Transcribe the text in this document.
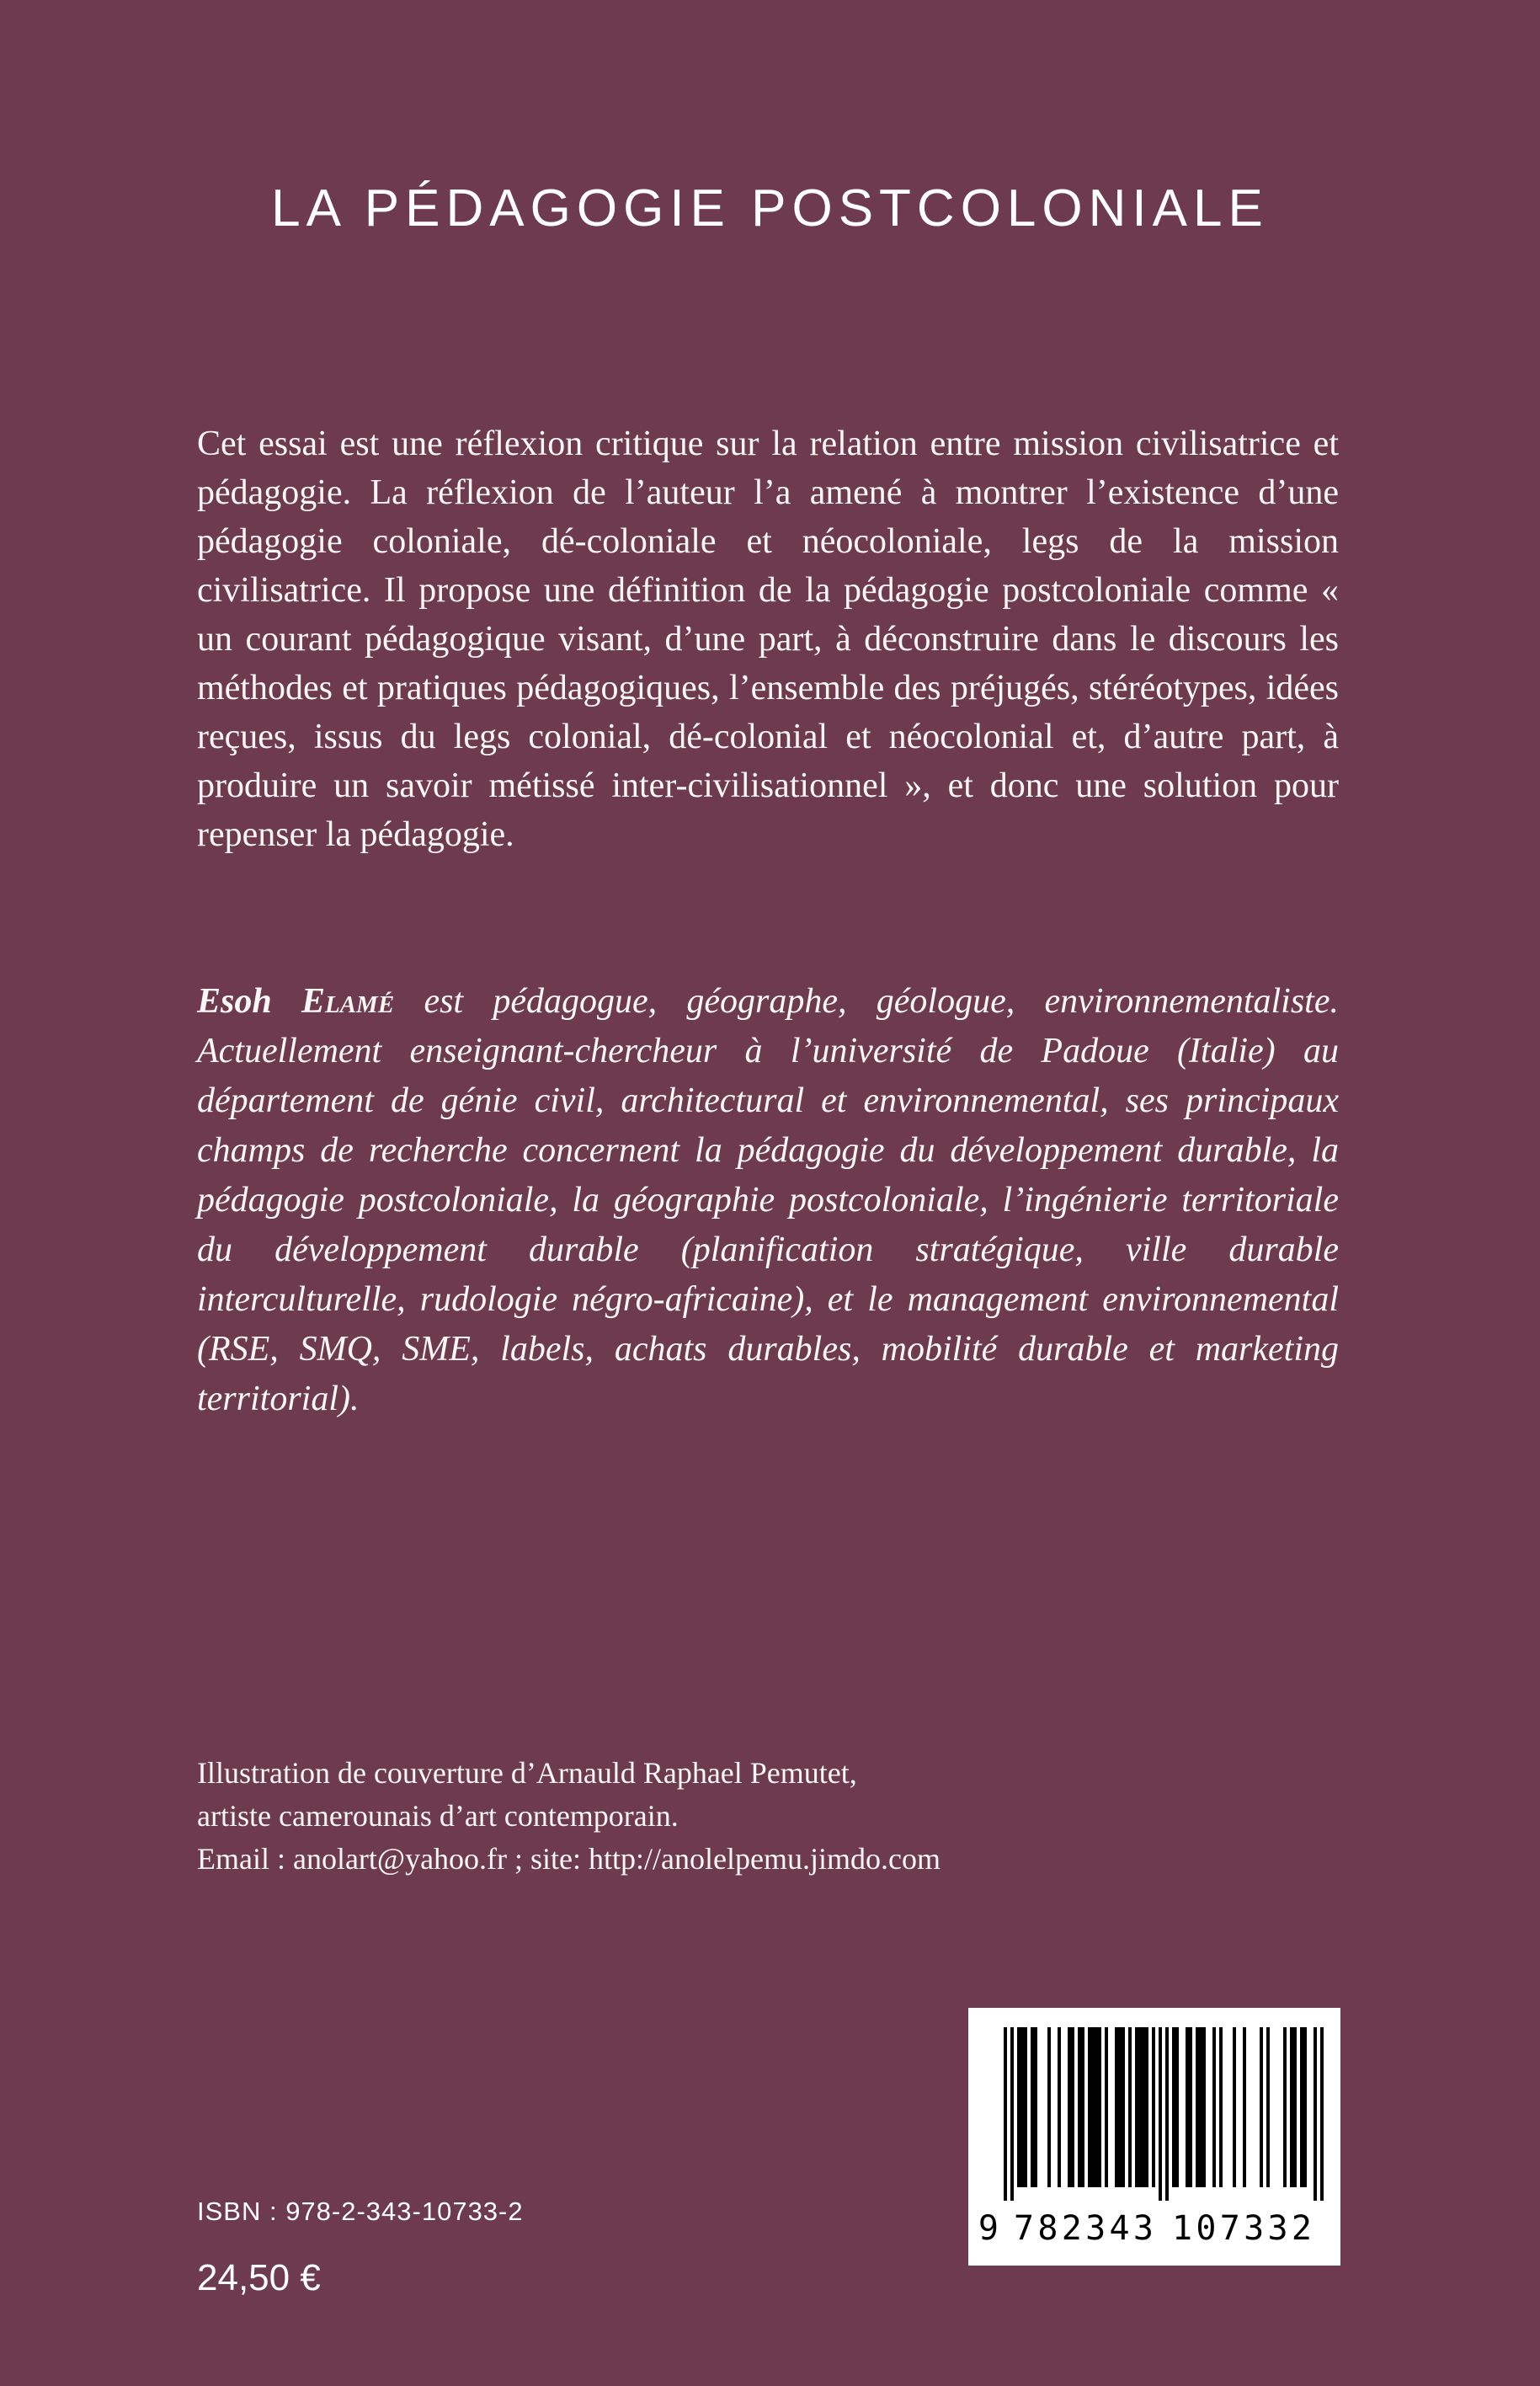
LA PÉDAGOGIE POSTCOLONIALE

Cet essai est une réflexion critique sur la relation entre mission civilisatrice et pédagogie. La réflexion de l’auteur l’a amené à montrer l’existence d’une pédagogie coloniale, dé-coloniale et néocoloniale, legs de la mission civilisatrice. Il propose une définition de la pédagogie postcoloniale comme « un courant pédagogique visant, d’une part, à déconstruire dans le discours les méthodes et pratiques pédagogiques, l’ensemble des préjugés, stéréotypes, idées reçues, issus du legs colonial, dé-colonial et néocolonial et, d’autre part, à produire un savoir métissé inter-civilisationnel », et donc une solution pour repenser la pédagogie.

Esoh Elamé est pédagogue, géographe, géologue, environnementaliste. Actuellement enseignant-chercheur à l’université de Padoue (Italie) au département de génie civil, architectural et environnemental, ses principaux champs de recherche concernent la pédagogie du développement durable, la pédagogie postcoloniale, la géographie postcoloniale, l’ingénierie territoriale du développement durable (planification stratégique, ville durable interculturelle, rudologie négro-africaine), et le management environnemental (RSE, SMQ, SME, labels, achats durables, mobilité durable et marketing territorial).

Illustration de couverture d’Arnauld Raphael Pemutet,
artiste camerounais d’art contemporain.
Email : anolart@yahoo.fr ; site: http://anolelpemu.jimdo.com
9 782343 107332
ISBN : 978-2-343-10733-2
24,50 €
